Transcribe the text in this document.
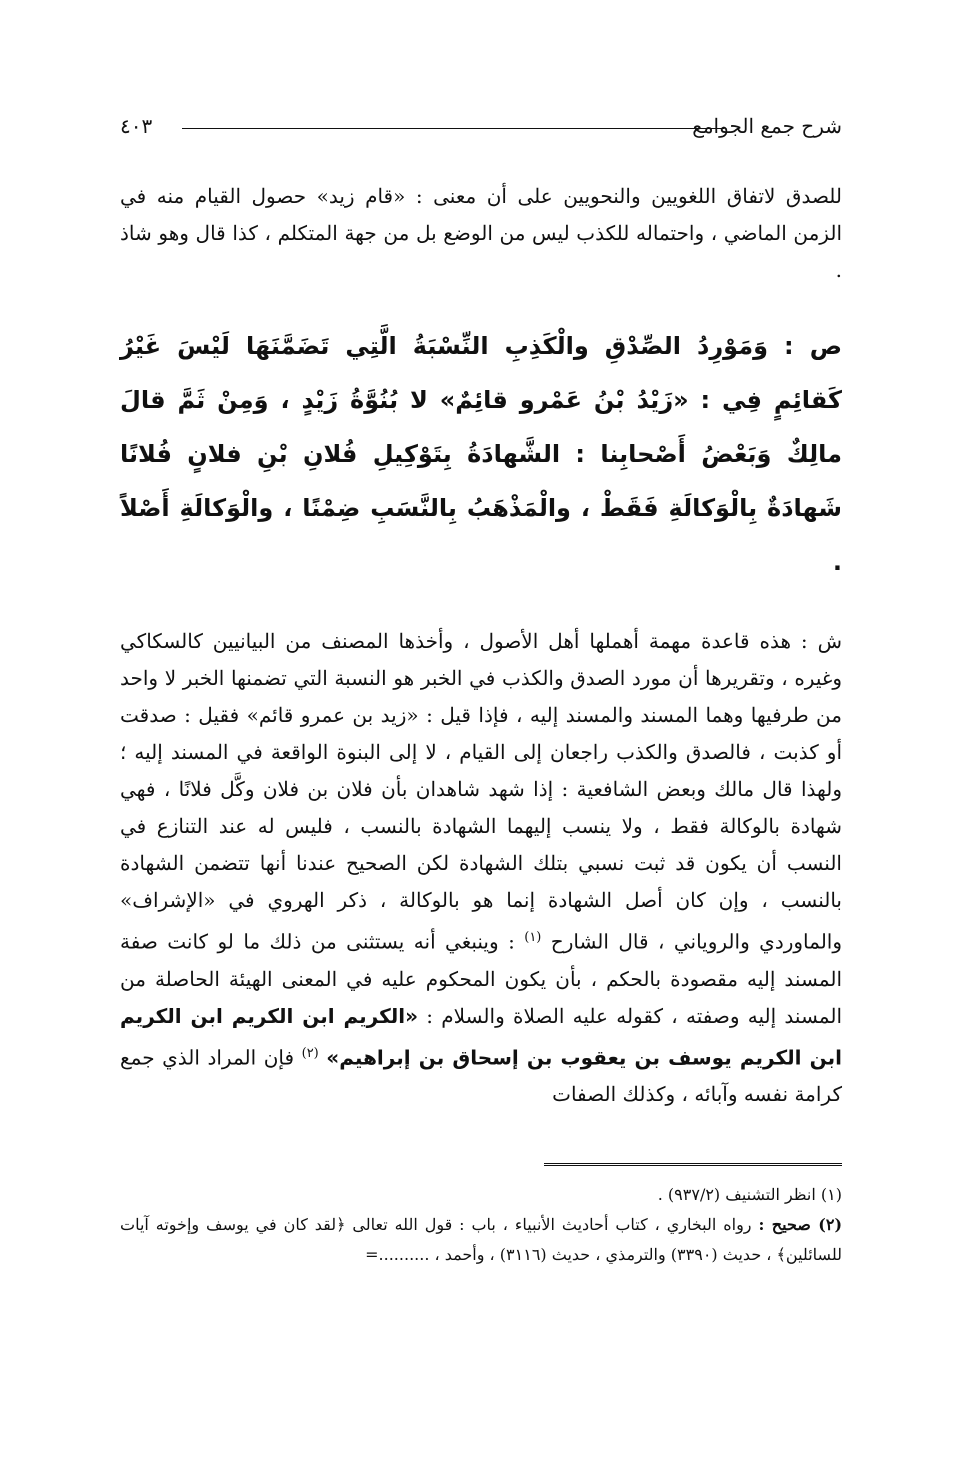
شرح جمع الجوامع
٤٠٣

للصدق لاتفاق اللغويين والنحويين على أن معنى : «قام زيد» حصول القيام منه في الزمن الماضي ، واحتماله للكذب ليس من الوضع بل من جهة المتكلم ، كذا قال وهو شاذ .

ص : وَمَوْرِدُ الصِّدْقِ والْكَذِبِ النِّسْبَةُ الَّتِي تَضَمَّنَهَا لَيْسَ غَيْرُ كَقائِمٍ فِي : «زَيْدُ بْنُ عَمْرو قائِمٌ» لا بُنُوَّةُ زَيْدٍ ، وَمِنْ ثَمَّ قالَ مالِكٌ وَبَعْضُ أَصْحابِنا : الشَّهادَةُ بِتَوْكِيلِ فُلانِ بْنِ فلانٍ فُلانًا شَهادَةٌ بِالْوَكالَةِ فَقَطْ ، والْمَذْهَبُ بِالنَّسَبِ ضِمْنًا ، والْوَكالَةِ أَصْلاً .

ش : هذه قاعدة مهمة أهملها أهل الأصول ، وأخذها المصنف من البيانيين كالسكاكي وغيره ، وتقريرها أن مورد الصدق والكذب في الخبر هو النسبة التي تضمنها الخبر لا واحد من طرفيها وهما المسند والمسند إليه ، فإذا قيل : «زيد بن عمرو قائم» فقيل : صدقت أو كذبت ، فالصدق والكذب راجعان إلى القيام ، لا إلى البنوة الواقعة في المسند إليه ؛ ولهذا قال مالك وبعض الشافعية : إذا شهد شاهدان بأن فلان بن فلان وكَّل فلانًا ، فهي شهادة بالوكالة فقط ، ولا ينسب إليهما الشهادة بالنسب ، فليس له عند التنازع في النسب أن يكون قد ثبت نسبي بتلك الشهادة لكن الصحيح عندنا أنها تتضمن الشهادة بالنسب ، وإن كان أصل الشهادة إنما هو بالوكالة ، ذكر الهروي في «الإشراف» والماوردي والروياني ، قال الشارح $^{(١)}$ : وينبغي أنه يستثنى من ذلك ما لو كانت صفة المسند إليه مقصودة بالحكم ، بأن يكون المحكوم عليه في المعنى الهيئة الحاصلة من المسند إليه وصفته ، كقوله عليه الصلاة والسلام : «الكريم ابن الكريم ابن الكريم ابن الكريم يوسف بن يعقوب بن إسحاق بن إبراهيم» $^{(٢)}$ فإن المراد الذي جمع كرامة نفسه وآبائه ، وكذلك الصفات

(١) انظر التشنيف (٩٣٧/٢) .

(٢) صحيح : رواه البخاري ، كتاب أحاديث الأنبياء ، باب : قول الله تعالى ﴿لقد كان في يوسف وإخوته آيات للسائلين﴾ ، حديث (٣٣٩٠) والترمذي ، حديث (٣١١٦) ، وأحمد ، ..........=
